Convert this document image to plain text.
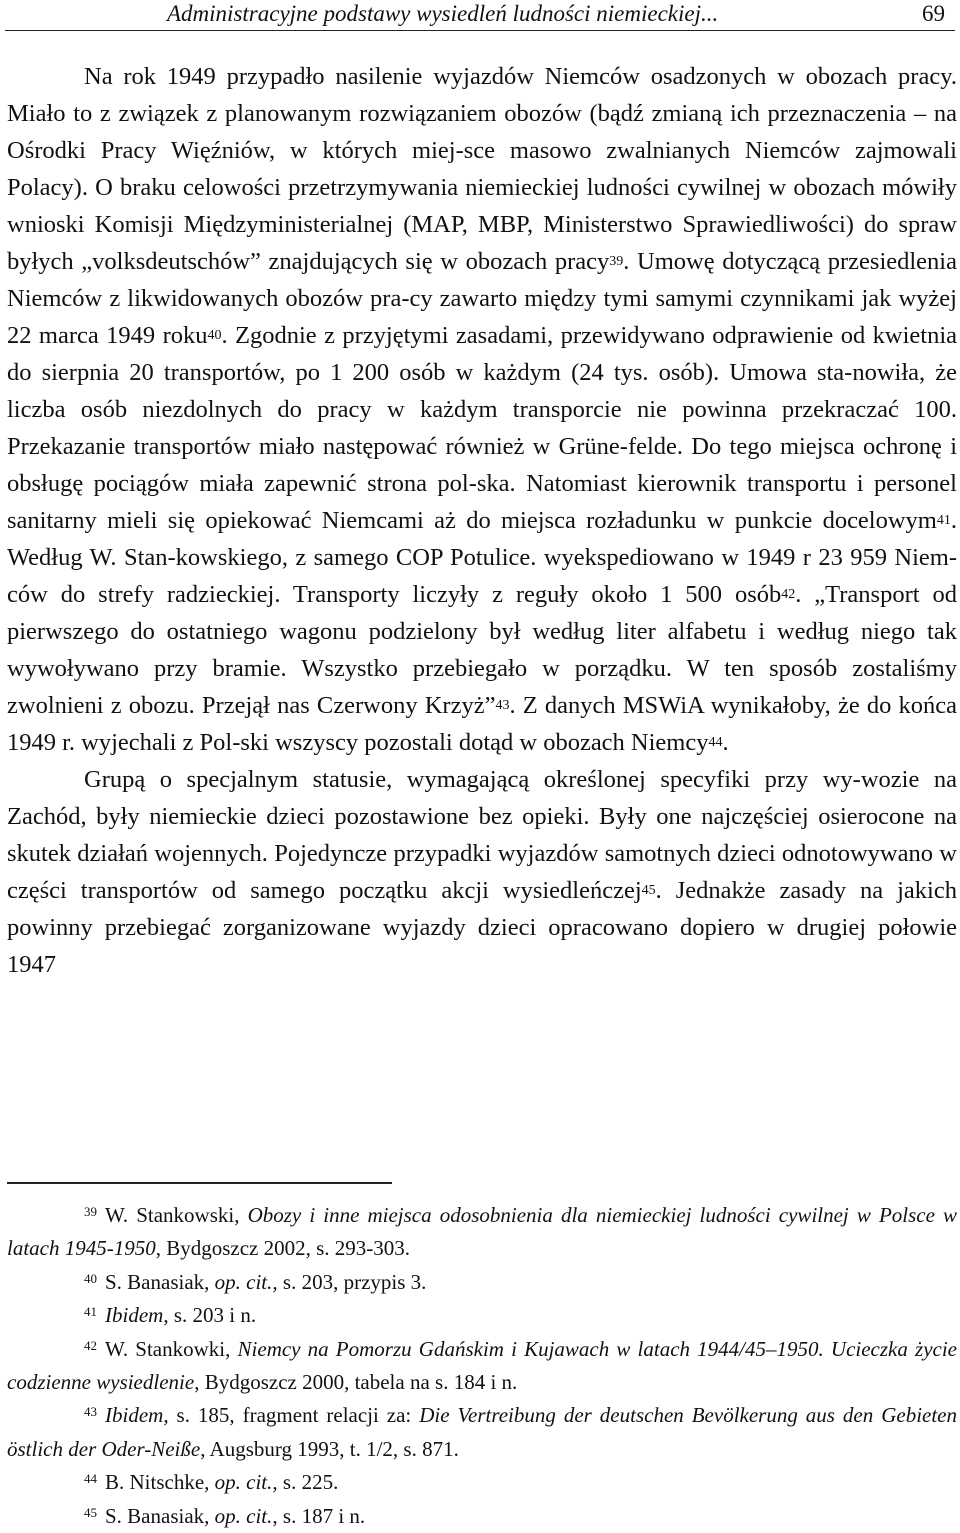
Administracyjne podstawy wysiedleń ludności niemieckiej...	69

Na rok 1949 przypadło nasilenie wyjazdów Niemców osadzonych w obozach pracy. Miało to z związek z planowanym rozwiązaniem obozów (bądź zmianą ich przeznaczenia – na Ośrodki Pracy Więźniów, w których miej-sce masowo zwalnianych Niemców zajmowali Polacy). O braku celowości przetrzymywania niemieckiej ludności cywilnej w obozach mówiły wnioski Komisji Międzyministerialnej (MAP, MBP, Ministerstwo Sprawiedliwości) do spraw byłych „volksdeutschów” znajdujących się w obozach pracy$^{39}$. Umowę dotyczącą przesiedlenia Niemców z likwidowanych obozów pra-cy zawarto między tymi samymi czynnikami jak wyżej 22 marca 1949 roku$^{40}$. Zgodnie z przyjętymi zasadami, przewidywano odprawienie od kwietnia do sierpnia 20 transportów, po 1 200 osób w każdym (24 tys. osób). Umowa sta-nowiła, że liczba osób niezdolnych do pracy w każdym transporcie nie powinna przekraczać 100. Przekazanie transportów miało następować również w Grüne-felde. Do tego miejsca ochronę i obsługę pociągów miała zapewnić strona pol-ska. Natomiast kierownik transportu i personel sanitarny mieli się opiekować Niemcami aż do miejsca rozładunku w punkcie docelowym$^{41}$. Według W. Stan-kowskiego, z samego COP Potulice. wyekspediowano w 1949 r 23 959 Niem-ców do strefy radzieckiej. Transporty liczyły z reguły około 1 500 osób$^{42}$. „Transport od pierwszego do ostatniego wagonu podzielony był według liter alfabetu i według niego tak wywoływano przy bramie. Wszystko przebiegało w porządku. W ten sposób zostaliśmy zwolnieni z obozu. Przejął nas Czerwony Krzyż”$^{43}$. Z danych MSWiA wynikałoby, że do końca 1949 r. wyjechali z Pol-ski wszyscy pozostali dotąd w obozach Niemcy$^{44}$.

Grupą o specjalnym statusie, wymagającą określonej specyfiki przy wy-wozie na Zachód, były niemieckie dzieci pozostawione bez opieki. Były one najczęściej osierocone na skutek działań wojennych. Pojedyncze przypadki wyjazdów samotnych dzieci odnotowywano w części transportów od samego początku akcji wysiedleńczej$^{45}$. Jednakże zasady na jakich powinny przebiegać zorganizowane wyjazdy dzieci opracowano dopiero w drugiej połowie 1947

$^{39}$ W. Stankowski, Obozy i inne miejsca odosobnienia dla niemieckiej ludności cywilnej w Polsce w latach 1945-1950, Bydgoszcz 2002, s. 293-303.
$^{40}$ S. Banasiak, op. cit., s. 203, przypis 3.
$^{41}$ Ibidem, s. 203 i n.
$^{42}$ W. Stankowki, Niemcy na Pomorzu Gdańskim i Kujawach w latach 1944/45–1950. Ucieczka życie codzienne wysiedlenie, Bydgoszcz 2000, tabela na s. 184 i n.
$^{43}$ Ibidem, s. 185, fragment relacji za: Die Vertreibung der deutschen Bevölkerung aus den Gebieten östlich der Oder-Neiße, Augsburg 1993, t. 1/2, s. 871.
$^{44}$ B. Nitschke, op. cit., s. 225.
$^{45}$ S. Banasiak, op. cit., s. 187 i n.
